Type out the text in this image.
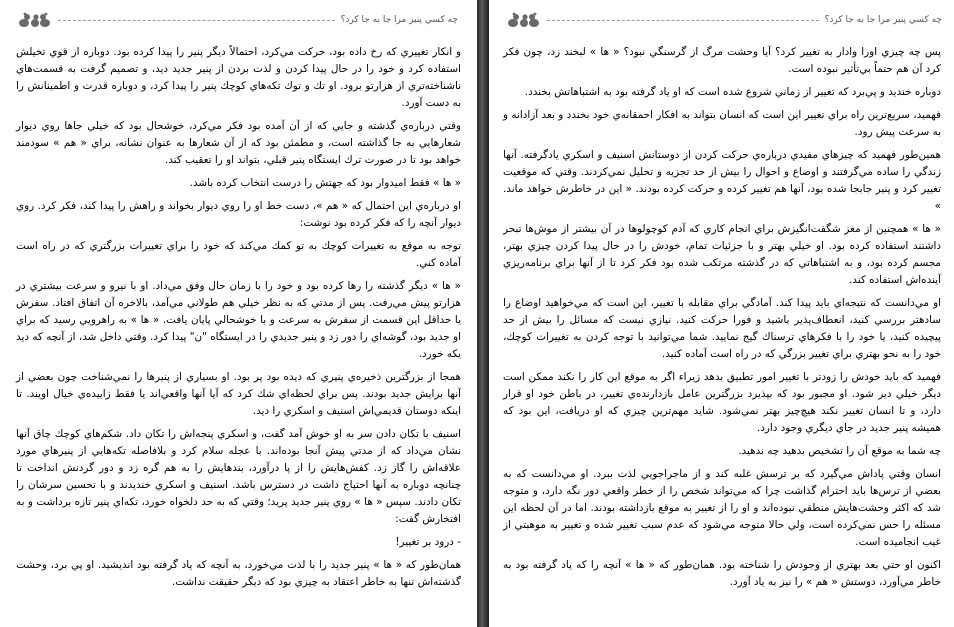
چه كسي پنير مرا جا به جا كرد؟

و انكار تغييري كه رخ داده بود، حركت مي‌كرد، احتمالاً ديگر پنير را پيدا كرده بود. دوباره از قوي تخيلش استفاده كرد و خود را در حال پيدا كردن و لذت بردن از پنير جديد ديد، و تصميم گرفت به قسمت‌هاي ناشناخته‌تري از هزارتو برود. او تك و توك تكه‌هاي كوچك پنير را پيدا كرد، و دوباره قدرت و اطمينانش را به دست آورد.

وقتي درباره‌ي گذشته و جايي كه از آن آمده بود فكر مي‌كرد، خوشحال بود كه خيلي جاها روي ديوار شعارهايي به جا گذاشته است، و مطمئن بود كه از آن شعارها به عنوان نشانه، براي « هم » سودمند خواهد بود تا در صورت ترك ايستگاه پنير قبلي، بتواند او را تعقيب كند.

« ها » فقط اميدوار بود كه جهتش را درست انتخاب كرده باشد.

او درباره‌ي اين احتمال كه « هم »، دست خط او را روي ديوار بخواند و راهش را پيدا كند، فكر كرد. روي ديوار آنچه را كه فكر كرده بود نوشت:

توجه به موقع به تغييرات كوچك به تو كمك مي‌كند كه خود را براي تغييرات بزرگتري كه در راه است آماده كني.

« ها » ديگر گذشته را رها كرده بود و خود را با زمان حال وفق مي‌داد. او با نيرو و سرعت بيشتري در هزارتو پيش مي‌رفت. پس از مدتي كه به نظر خيلي هم طولاني مي‌آمد، بالاخره آن اتفاق افتاد. سفرش يا حداقل اين قسمت از سفرش به سرعت و با خوشحالي پايان يافت. « ها » به راهرويي رسيد كه براي او جديد بود، گوشه‌اي را دور زد و پنير جديدي را در ايستگاه "ن" پيدا كرد. وقتي داخل شد، از آنچه كه ديد يكه خورد.

همجا از بزرگترين ذخيره‌ي پنيري كه ديده بود پر بود. او بسياري از پنيرها را نمي‌شناخت چون بعضي از آنها برايش جديد بودند. پس براي لحظه‌اي شك كرد كه آيا آنها واقعي‌اند يا فقط زاييده‌ي خيال اويند. تا اينكه دوستان قديمي‌اش اسنيف و اسكري را ديد.

اسنيف با تكان دادن سر به او خوش آمد گفت، و اسكري پنجه‌اش را تكان داد. شكم‌هاي كوچك چاق آنها نشان مي‌داد كه از مدتي پيش آنجا بوده‌اند. با عجله سلام كرد و بلافاصله تكه‌هايي از پنيرهاي مورد علاقه‌اش را گاز زد. كفش‌هايش را از پا درآورد، بندهايش را به هم گره زد و دور گردنش انداخت تا چنانچه دوباره به آنها احتياج داشت در دسترس باشد. اسنيف و اسكري خنديدند و با تحسين سرشان را تكان دادند. سپس « ها » روي پنير جديد پريد؛ وقتي كه به حد دلخواه خورد، تكه‌اي پنير تازه برداشت و به افتخارش گفت:

- درود بر تغيير!

همان‌طور كه « ها » پنير جديد را با لذت مي‌خورد، به آنچه كه ياد گرفته بود انديشيد. او پي برد، وحشت گذشته‌اش تنها به خاطر اعتقاد به چيزي بود كه ديگر حقيقت نداشت.

چه كسي پنير مرا جا به جا كرد؟

پس چه چيزي اورا وادار به تغيير كرد؟ آيا وحشت مرگ از گرسنگي نبود؟ « ها » لبخند زد، چون فكر كرد آن هم حتماً بي‌تأثير نبوده است.

دوباره خنديد و پي‌برد كه تغيير از زماني شروع شده است كه او ياد گرفته بود به اشتباهاتش بخندد.

فهميد، سريع‌ترين راه براي تغيير اين است كه انسان بتواند به افكار احمقانه‌ي خود بخندد و بعد آزادانه و به سرعت پيش رود.

همين‌طور فهميد كه چيزهاي مفيدي درباره‌ي حركت كردن از دوستانش اسنيف و اسكري يادگرفته. آنها زندگي را ساده مي‌گرفتند و اوضاع و احوال را بيش از حد تجزيه و تحليل نمي‌كردند. وقتي كه موقعيت تغيير كرد و پنير جابجا شده بود، آنها هم تغيير كرده و حركت كرده بودند. « اين در خاطرش خواهد ماند. »

« ها » همچنين از مغز شگفت‌انگيزش براي انجام كاري كه آدم كوچولوها در آن بيشتر از موش‌ها تبحر داشتند استفاده كرده بود. او خيلي بهتر و با جزئيات تمام، خودش را در حال پيدا كردن چيزي بهتر، مجسم كرده بود، و به اشتباهاتي كه در گذشته مرتكب شده بود فكر كرد تا از آنها براي برنامه‌ريزي آينده‌اش استفاده كند.

او مي‌دانست كه نتيجه‌اي بايد پيدا كند. آمادگي براي مقابله با تغيير، اين است كه مي‌خواهيد اوضاع را سادهتر بررسي كنيد، انعطاف‌پذير باشيد و فورا حركت كنيد. نيازي نيست كه مسائل را بيش از حد پيچيده كنيد، يا خود را با فكرهاي ترسناك گيج نماييد. شما مي‌توانيد با توجه كردن به تغييرات كوچك، خود را به نحو بهتري براي تغيير بزرگي كه در راه است آماده كنيد.

فهميد كه بايد خودش را زودتر با تغيير امور تطبيق بدهد زيراء اگر به موقع اين كار را نكند ممكن است ديگر خيلي دير شود. او مجبور بود كه بپذيرد بزرگترين عامل بازدارنده‌ي تغيير، در باطن خود او قرار دارد، و تا انسان تغيير نكند هيچ‌چيز بهتر نمي‌شود. شايد مهم‌ترين چيزي كه او دريافت، اين بود كه هميشه پنير جديد در جاي ديگري وجود دارد.

چه شما به موقع آن را تشخيص بدهيد چه ندهيد.

انسان وقتي پاداش مي‌گيرد كه بر ترسش غلبه كند و از ماجراجويي لذت ببرد. او مي‌دانست كه به بعضي از ترس‌ها بايد احترام گذاشت چرا كه مي‌تواند شخص را از خطر واقعي دور نگه دارد، و متوجه شد كه اكثر وحشت‌هايش منطقي نبوده‌اند و او را از تغيير به موقع بازداشته بودند. اما در آن لحظه اين مسئله را حس نمي‌كرده است، ولي حالا متوجه مي‌شود كه عدم سبب تغيير شده و تغيير به موهبتي از غيب انجاميده است.

اكنون او حتي بعد بهتري از وجودش را شناخته بود. همان‌طور كه « ها » آنچه را كه ياد گرفته بود به خاطر مي‌آورد، دوستش « هم » را نيز به ياد آورد.
